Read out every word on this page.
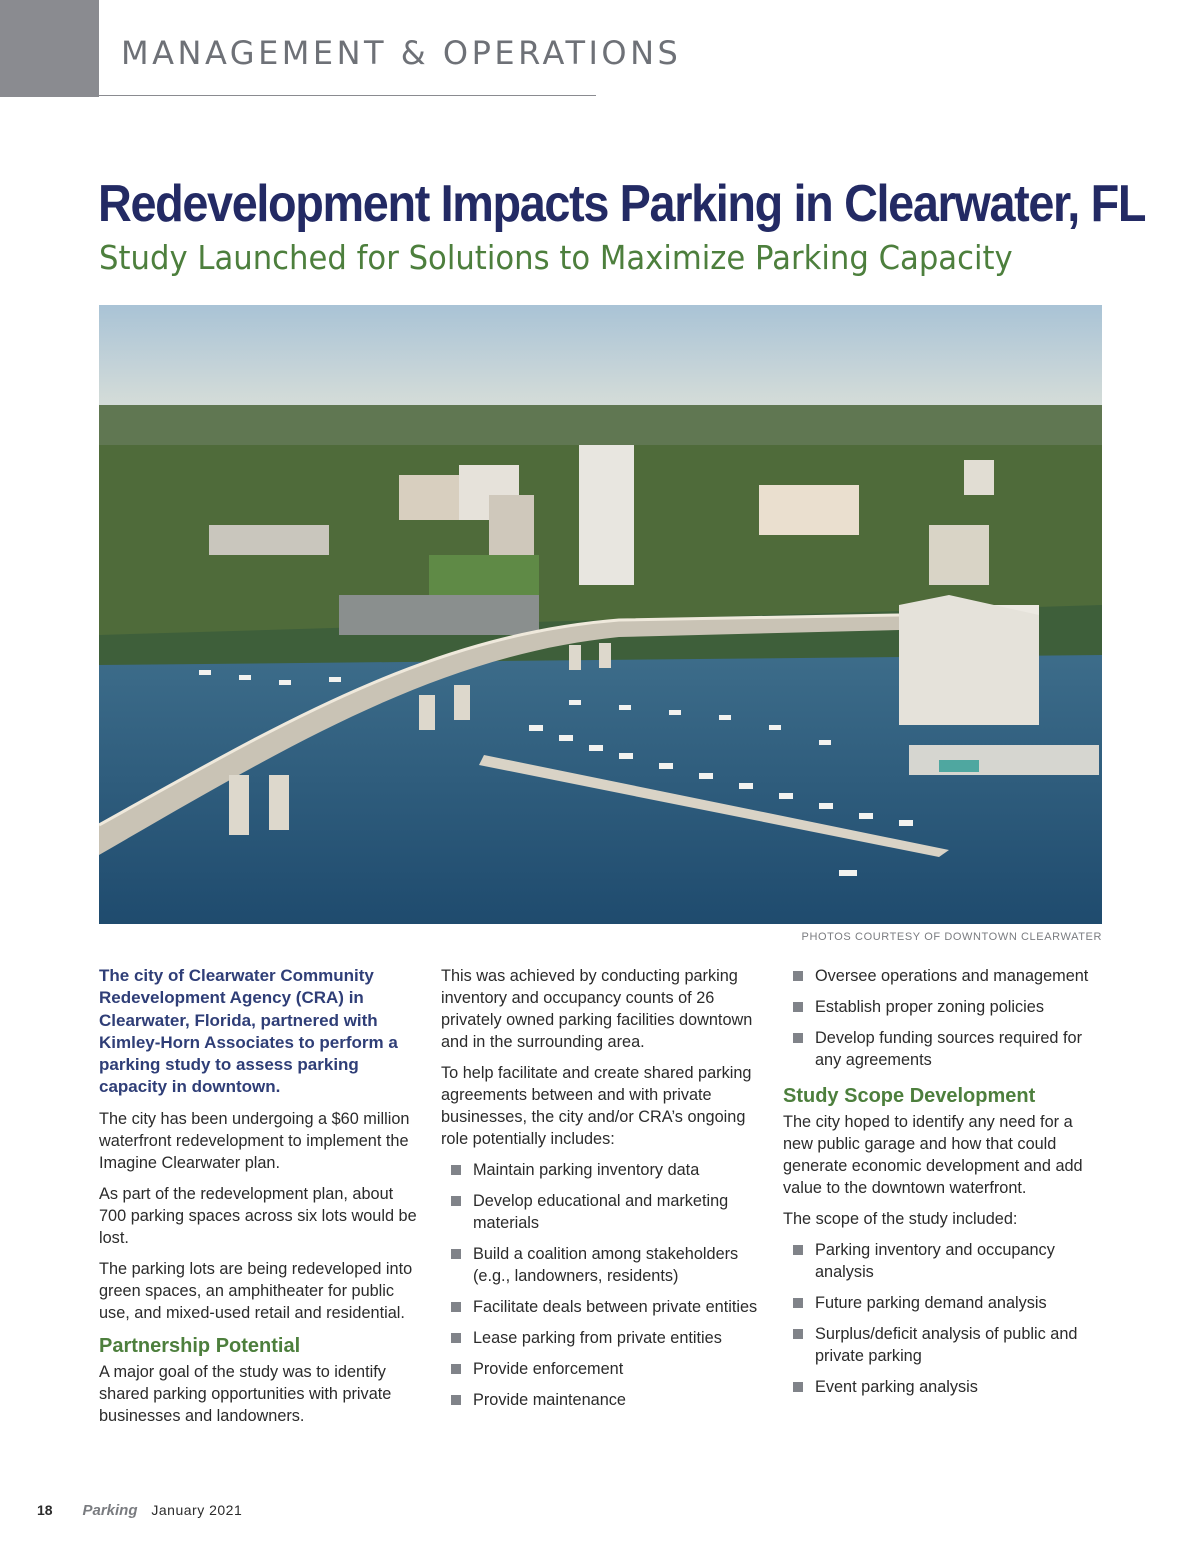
MANAGEMENT & OPERATIONS
Redevelopment Impacts Parking in Clearwater, FL
Study Launched for Solutions to Maximize Parking Capacity
PHOTOS COURTESY OF DOWNTOWN CLEARWATER

The city of Clearwater Community Redevelopment Agency (CRA) in Clearwater, Florida, partnered with Kimley-Horn Associates to perform a parking study to assess parking capacity in downtown.

The city has been undergoing a $60 million waterfront redevelopment to implement the Imagine Clearwater plan.

As part of the redevelopment plan, about 700 parking spaces across six lots would be lost.

The parking lots are being redeveloped into green spaces, an amphitheater for public use, and mixed-used retail and residential.

Partnership Potential

A major goal of the study was to identify shared parking opportunities with private businesses and landowners.

This was achieved by conducting parking inventory and occupancy counts of 26 privately owned parking facilities downtown and in the surrounding area.

To help facilitate and create shared parking agreements between and with private businesses, the city and/or CRA’s ongoing role potentially includes:

Maintain parking inventory data
Develop educational and marketing materials
Build a coalition among stakeholders (e.g., landowners, residents)
Facilitate deals between private entities
Lease parking from private entities
Provide enforcement
Provide maintenance
Oversee operations and management
Establish proper zoning policies
Develop funding sources required for any agreements
Study Scope Development

The city hoped to identify any need for a new public garage and how that could generate economic development and add value to the downtown waterfront.

The scope of the study included:

Parking inventory and occupancy analysis
Future parking demand analysis
Surplus/deficit analysis of public and private parking
Event parking analysis
18 Parking January 2021
